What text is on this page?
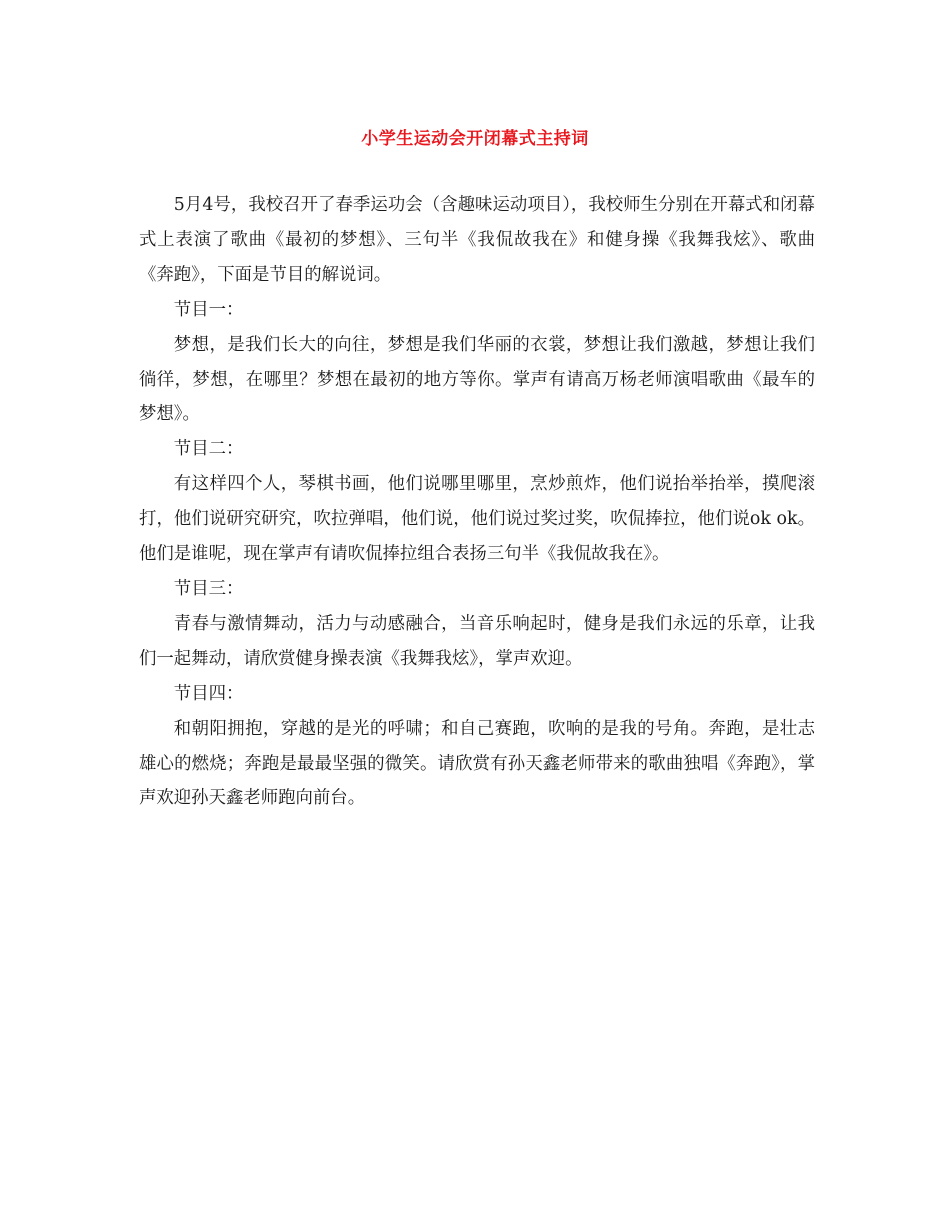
小学生运动会开闭幕式主持词

5月4号，我校召开了春季运功会（含趣味运动项目），我校师生分别在开幕式和闭幕式上表演了歌曲《最初的梦想》、三句半《我侃故我在》和健身操《我舞我炫》、歌曲《奔跑》，下面是节目的解说词。

节目一：

梦想，是我们长大的向往，梦想是我们华丽的衣裳，梦想让我们激越，梦想让我们徜徉，梦想，在哪里？梦想在最初的地方等你。掌声有请高万杨老师演唱歌曲《最车的梦想》。

节目二：

有这样四个人，琴棋书画，他们说哪里哪里，烹炒煎炸，他们说抬举抬举，摸爬滚打，他们说研究研究，吹拉弹唱，他们说，他们说过奖过奖，吹侃捧拉，他们说ok ok。他们是谁呢，现在掌声有请吹侃捧拉组合表扬三句半《我侃故我在》。

节目三：

青春与激情舞动，活力与动感融合，当音乐响起时，健身是我们永远的乐章，让我们一起舞动，请欣赏健身操表演《我舞我炫》，掌声欢迎。

节目四：

和朝阳拥抱，穿越的是光的呼啸；和自己赛跑，吹响的是我的号角。奔跑，是壮志雄心的燃烧；奔跑是最最坚强的微笑。请欣赏有孙天鑫老师带来的歌曲独唱《奔跑》，掌声欢迎孙天鑫老师跑向前台。
